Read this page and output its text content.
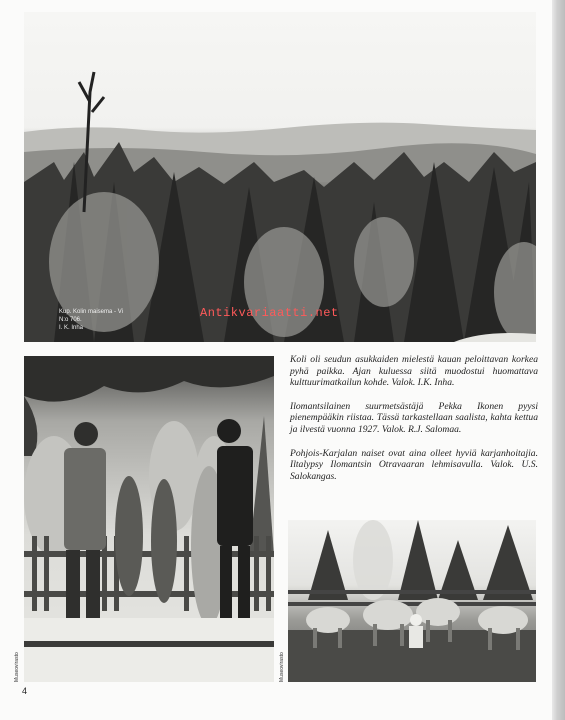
Kup. Kolin maisema - Vi
N:o 706.
I. K. Inha
Antikvariaatti.net

Koli oli seudun asukkaiden mielestä kauan peloittavan korkea pyhä paikka. Ajan kuluessa siitä muodostui huomattava kulttuurimatkailun kohde. Valok. I.K. Inha.

Ilomantsilainen suurmetsästäjä Pekka Ikonen pyysi pienempääkin riistaa. Tässä tarkastellaan saalista, kahta kettua ja ilvestä vuonna 1927. Valok. R.J. Salomaa.

Pohjois-Karjalan naiset ovat aina olleet hyviä karjanhoitajia. Iltalypsy Ilomantsin Otravaaran lehmisavulla. Valok. U.S. Salokangas.

Museovirasto	Museovirasto
4
